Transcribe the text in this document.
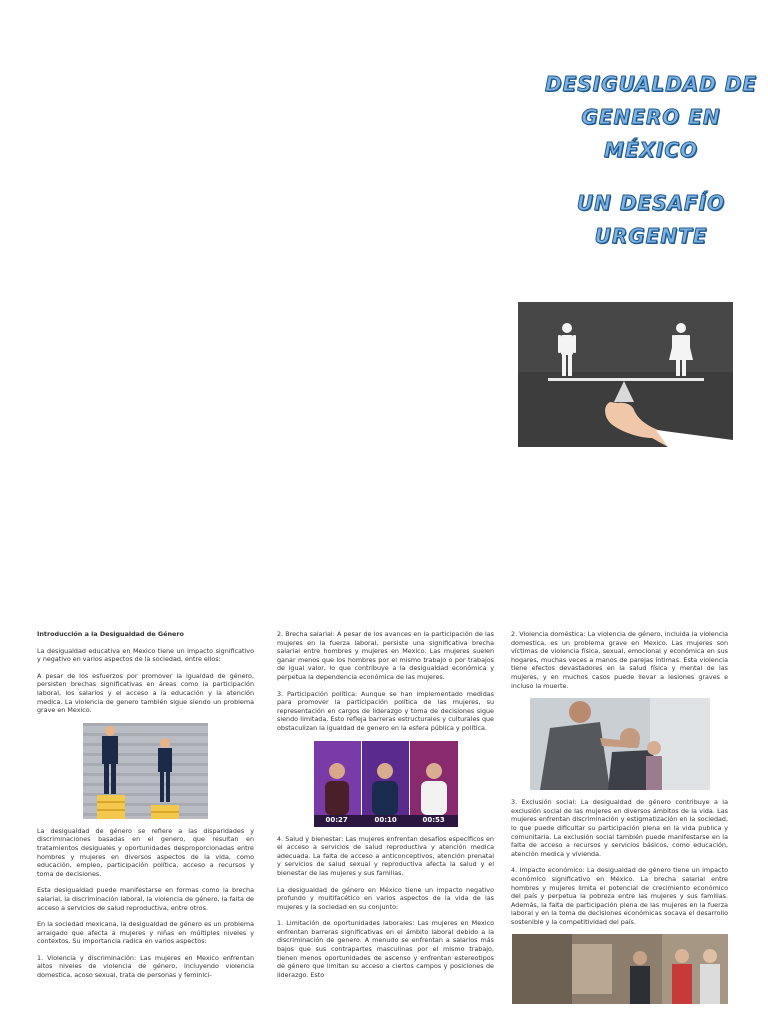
DESIGUALDAD DE
GENERO EN
MÉXICO
UN DESAFÍO
URGENTE

Introducción a la Desigualdad de Género

La desigualdad educativa en Mexico tiene un impacto significativo y negativo en varios aspectos de la sociedad, entre ellos:

A pesar de los esfuerzos por promover la igualdad de género, persisten brechas significativas en áreas como la participación laboral, los salarios y el acceso a la educación y la atención medica. La violencia de genero también sigue siendo un problema grave en Mexico.

La desigualdad de género se refiere a las disparidades y discriminaciones basadas en el genero, que resultan en tratamientos desiguales y oportunidades desproporcionadas entre hombres y mujeres en diversos aspectos de la vida, como educación, empleo, participación política, acceso a recursos y toma de decisiones.

Esta desigualdad puede manifestarse en formas como la brecha salarial, la discriminación laboral, la violencia de género, la falta de acceso a servicios de salud reproductiva, entre otros.

En la sociedad mexicana, la desigualdad de género es un problema arraigado que afecta a mujeres y niñas en múltiples niveles y contextos. Su importancia radica en varios aspectos:

1. Violencia y discriminación: Las mujeres en Mexico enfrentan altos niveles de violencia de género, incluyendo violencia domestica, acoso sexual, trata de personas y feminici-

2. Brecha salarial: A pesar de los avances en la participación de las mujeres en la fuerza laboral, persiste una significativa brecha salarial entre hombres y mujeres en Mexico. Las mujeres suelen ganar menos que los hombres por el mismo trabajo o por trabajos de igual valor, lo que contribuye a la desigualdad económica y perpetua la dependencia económica de las mujeres.

3. Participación política: Aunque se han implementado medidas para promover la participación política de las mujeres, su representación en cargos de liderazgo y toma de decisiones sigue siendo limitada. Esto refleja barreras estructurales y culturales que obstaculizan la igualdad de genero en la esfera pública y política.

00:27	00:10	00:53

4. Salud y bienestar: Las mujeres enfrentan desafíos específicos en el acceso a servicios de salud reproductiva y atención medica adecuada. La falta de acceso a anticonceptivos, atención prenatal y servicios de salud sexual y reproductiva afecta la salud y el bienestar de las mujeres y sus familias.

La desigualdad de género en México tiene un impacto negativo profundo y multifacético en varios aspectos de la vida de las mujeres y la sociedad en su conjunto:

1. Limitación de oportunidades laborales: Las mujeres en Mexico enfrentan barreras significativas en el ámbito laboral debido a la discriminación de genero. A menudo se enfrentan a salarios más bajos que sus contrapartes masculinas por el mismo trabajo, tienen menos oportunidades de ascenso y enfrentan estereotipos de género que limitan su acceso a ciertos campos y posiciones de liderazgo. Esto

2. Violencia doméstica: La violencia de género, incluida la violencia domestica, es un problema grave en Mexico. Las mujeres son víctimas de violencia física, sexual, emocional y económica en sus hogares, muchas veces a manos de parejas íntimas. Esta violencia tiene efectos devastadores en la salud física y mental de las mujeres, y en muchos casos puede llevar a lesiones graves e incluso la muerte.

3. Exclusión social: La desigualdad de género contribuye a la exclusión social de las mujeres en diversos ámbitos de la vida. Las mujeres enfrentan discriminación y estigmatización en la sociedad, lo que puede dificultar su participación plena en la vida publica y comunitaria. La exclusión social también puede manifestarse en la falta de acceso a recursos y servicios básicos, como educación, atención medica y vivienda.

4. Impacto económico: La desigualdad de género tiene un impacto económico significativo en México. La brecha salarial entre hombres y mujeres limita el potencial de crecimiento económico del país y perpetua la pobreza entre las mujeres y sus familias. Además, la falta de participación plena de las mujeres en la fuerza laboral y en la toma de decisiones económicas socava el desarrollo sostenible y la competitividad del país.
